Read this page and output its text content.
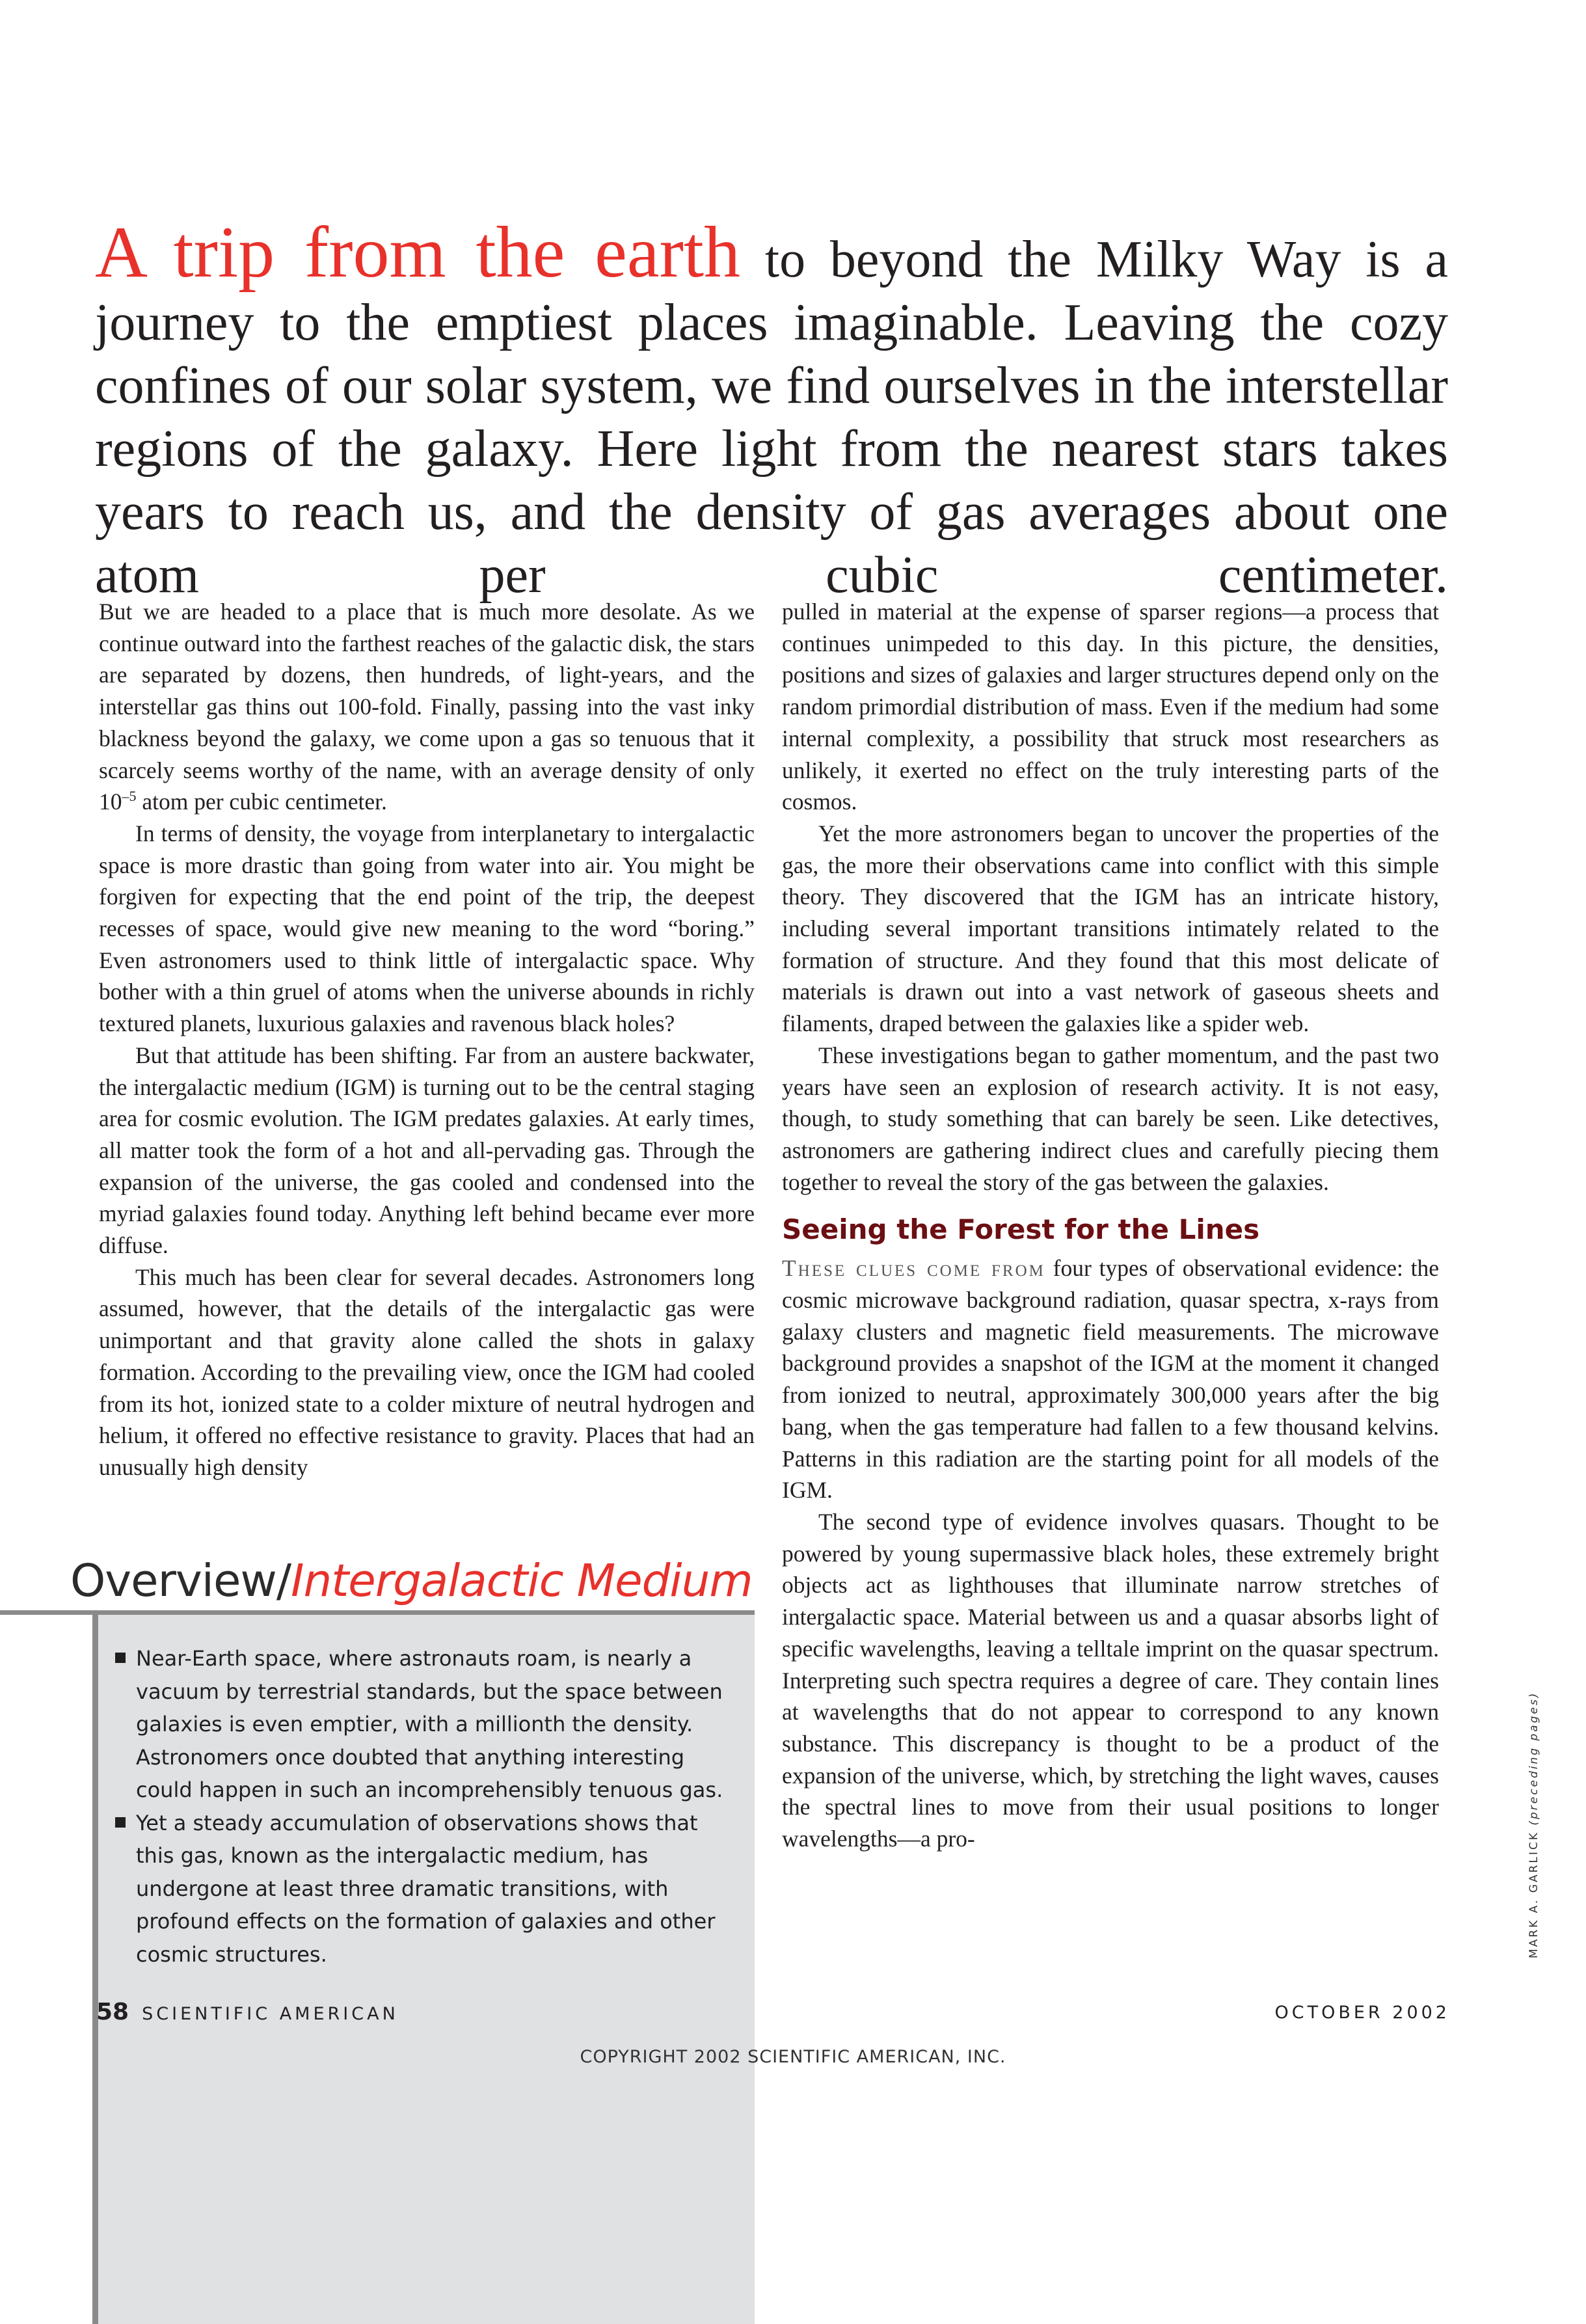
A trip from the earth to beyond the Milky Way is a journey to the emptiest places imaginable. Leaving the cozy confines of our solar system, we find ourselves in the interstellar regions of the galaxy. Here light from the nearest stars takes years to reach us, and the density of gas averages about one atom per cubic centimeter.

But we are headed to a place that is much more desolate. As we continue outward into the farthest reaches of the galactic disk, the stars are separated by dozens, then hundreds, of light-years, and the interstellar gas thins out 100-fold. Finally, passing into the vast inky blackness beyond the galaxy, we come upon a gas so tenuous that it scarcely seems worthy of the name, with an average density of only $10^{-5}$ atom per cubic centimeter.

In terms of density, the voyage from interplanetary to intergalactic space is more drastic than going from water into air. You might be forgiven for expecting that the end point of the trip, the deepest recesses of space, would give new meaning to the word “boring.” Even astronomers used to think little of intergalactic space. Why bother with a thin gruel of atoms when the universe abounds in richly textured planets, luxurious galaxies and ravenous black holes?

But that attitude has been shifting. Far from an austere backwater, the intergalactic medium (IGM) is turning out to be the central staging area for cosmic evolution. The IGM predates galaxies. At early times, all matter took the form of a hot and all-pervading gas. Through the expansion of the universe, the gas cooled and condensed into the myriad galaxies found today. Anything left behind became ever more diffuse.

This much has been clear for several decades. Astronomers long assumed, however, that the details of the intergalactic gas were unimportant and that gravity alone called the shots in galaxy formation. According to the prevailing view, once the IGM had cooled from its hot, ionized state to a colder mixture of neutral hydrogen and helium, it offered no effective resistance to gravity. Places that had an unusually high density

pulled in material at the expense of sparser regions—a process that continues unimpeded to this day. In this picture, the densities, positions and sizes of galaxies and larger structures depend only on the random primordial distribution of mass. Even if the medium had some internal complexity, a possibility that struck most researchers as unlikely, it exerted no effect on the truly interesting parts of the cosmos.

Yet the more astronomers began to uncover the properties of the gas, the more their observations came into conflict with this simple theory. They discovered that the IGM has an intricate history, including several important transitions intimately related to the formation of structure. And they found that this most delicate of materials is drawn out into a vast network of gaseous sheets and filaments, draped between the galaxies like a spider web.

These investigations began to gather momentum, and the past two years have seen an explosion of research activity. It is not easy, though, to study something that can barely be seen. Like detectives, astronomers are gathering indirect clues and carefully piecing them together to reveal the story of the gas between the galaxies.

Seeing the Forest for the Lines

These clues come from four types of observational evidence: the cosmic microwave background radiation, quasar spectra, x-rays from galaxy clusters and magnetic field measurements. The microwave background provides a snapshot of the IGM at the moment it changed from ionized to neutral, approximately 300,000 years after the big bang, when the gas temperature had fallen to a few thousand kelvins. Patterns in this radiation are the starting point for all models of the IGM.

The second type of evidence involves quasars. Thought to be powered by young supermassive black holes, these extremely bright objects act as lighthouses that illuminate narrow stretches of intergalactic space. Material between us and a quasar absorbs light of specific wavelengths, leaving a telltale imprint on the quasar spectrum. Interpreting such spectra requires a degree of care. They contain lines at wavelengths that do not appear to correspond to any known substance. This discrepancy is thought to be a product of the expansion of the universe, which, by stretching the light waves, causes the spectral lines to move from their usual positions to longer wavelengths—a pro-

Overview/Intergalactic Medium
Near-Earth space, where astronauts roam, is nearly a vacuum by terrestrial standards, but the space between galaxies is even emptier, with a millionth the density. Astronomers once doubted that anything interesting could happen in such an incomprehensibly tenuous gas.
Yet a steady accumulation of observations shows that this gas, known as the intergalactic medium, has undergone at least three dramatic transitions, with profound effects on the formation of galaxies and other cosmic structures.	MARK A. GARLICK (preceding pages)
58 SCIENTIFIC AMERICAN	OCTOBER 2002
COPYRIGHT 2002 SCIENTIFIC AMERICAN, INC.
